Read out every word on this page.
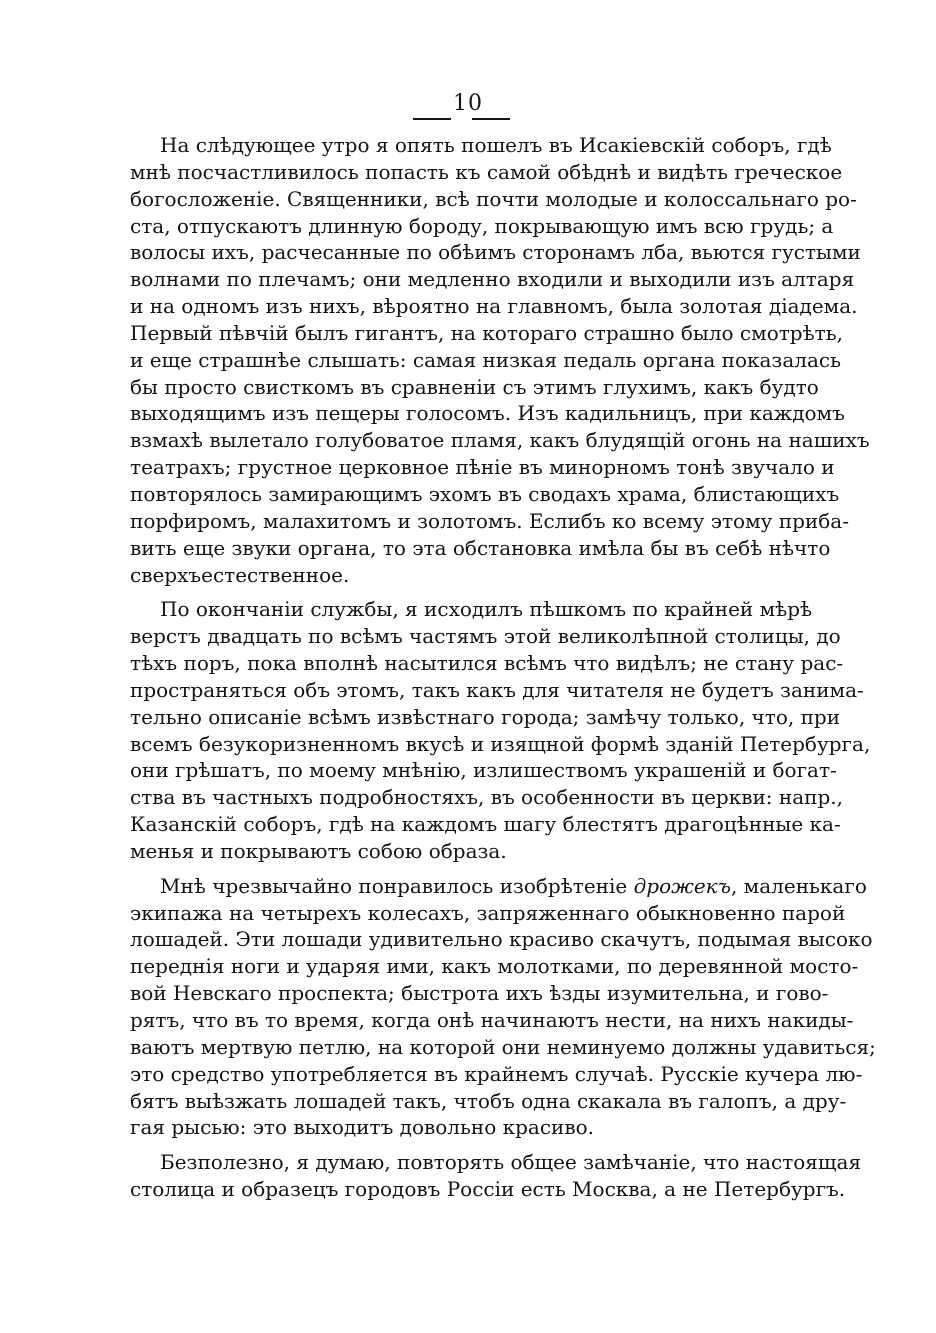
10
На слѣдующее утро я опять пошелъ въ Исакіевскій соборъ, гдѣ
мнѣ посчастливилось попасть къ самой обѣднѣ и видѣть греческое
богосложеніе. Священники, всѣ почти молодые и колоссальнаго ро-
ста, отпускаютъ длинную бороду, покрывающую имъ всю грудь; а
волосы ихъ, расчесанные по обѣимъ сторонамъ лба, вьются густыми
волнами по плечамъ; они медленно входили и выходили изъ алтаря
и на одномъ изъ нихъ, вѣроятно на главномъ, была золотая діадема.
Первый пѣвчій былъ гигантъ, на котораго страшно было смотрѣть,
и еще страшнѣе слышать: самая низкая педаль органа показалась
бы просто свисткомъ въ сравненіи съ этимъ глухимъ, какъ будто
выходящимъ изъ пещеры голосомъ. Изъ кадильницъ, при каждомъ
взмахѣ вылетало голубоватое пламя, какъ блудящій огонь на нашихъ
театрахъ; грустное церковное пѣніе въ минорномъ тонѣ звучало и
повторялось замирающимъ эхомъ въ сводахъ храма, блистающихъ
порфиромъ, малахитомъ и золотомъ. Еслибъ ко всему этому прибa-
вить еще звуки органа, то эта обстановка имѣла бы въ себѣ нѣчто
сверхъестественное.
По окончаніи службы, я исходилъ пѣшкомъ по крайней мѣрѣ
верстъ двадцать по всѣмъ частямъ этой великолѣпной столицы, до
тѣхъ поръ, пока вполнѣ насытился всѣмъ что видѣлъ; не стану рас-
пространяться объ этомъ, такъ какъ для читателя не будетъ занима-
тельно описаніе всѣмъ извѣстнаго города; замѣчу только, что, при
всемъ безукоризненномъ вкусѣ и изящной формѣ зданій Петербурга,
они грѣшатъ, по моему мнѣнію, излишествомъ украшеній и богат-
ства въ частныхъ подробностяхъ, въ особенности въ церкви: напр.,
Казанскій соборъ, гдѣ на каждомъ шагу блестятъ драгоцѣнные ка-
менья и покрываютъ собою образа.
Мнѣ чрезвычайно понравилось изобрѣтеніе дрожекъ, маленькаго
экипажа на четырехъ колесахъ, запряженнаго обыкновенно парой
лошадей. Эти лошади удивительно красиво скачутъ, подымая высоко
переднія ноги и ударяя ими, какъ молотками, по деревянной мосто-
вой Невскаго проспекта; быстрота ихъ ѣзды изумительна, и гово-
рятъ, что въ то время, когда онѣ начинаютъ нести, на нихъ накиды-
ваютъ мертвую петлю, на которой они неминуемо должны удавиться;
это средство употребляется въ крайнемъ случаѣ. Русскіе кучера лю-
бятъ выѣзжать лошадей такъ, чтобъ одна скакала въ галопъ, а дру-
гая рысью: это выходитъ довольно красиво.
Безполезно, я думаю, повторять общее замѣчаніе, что настоящая
столица и образецъ городовъ Россіи есть Москва, а не Петербургъ.
